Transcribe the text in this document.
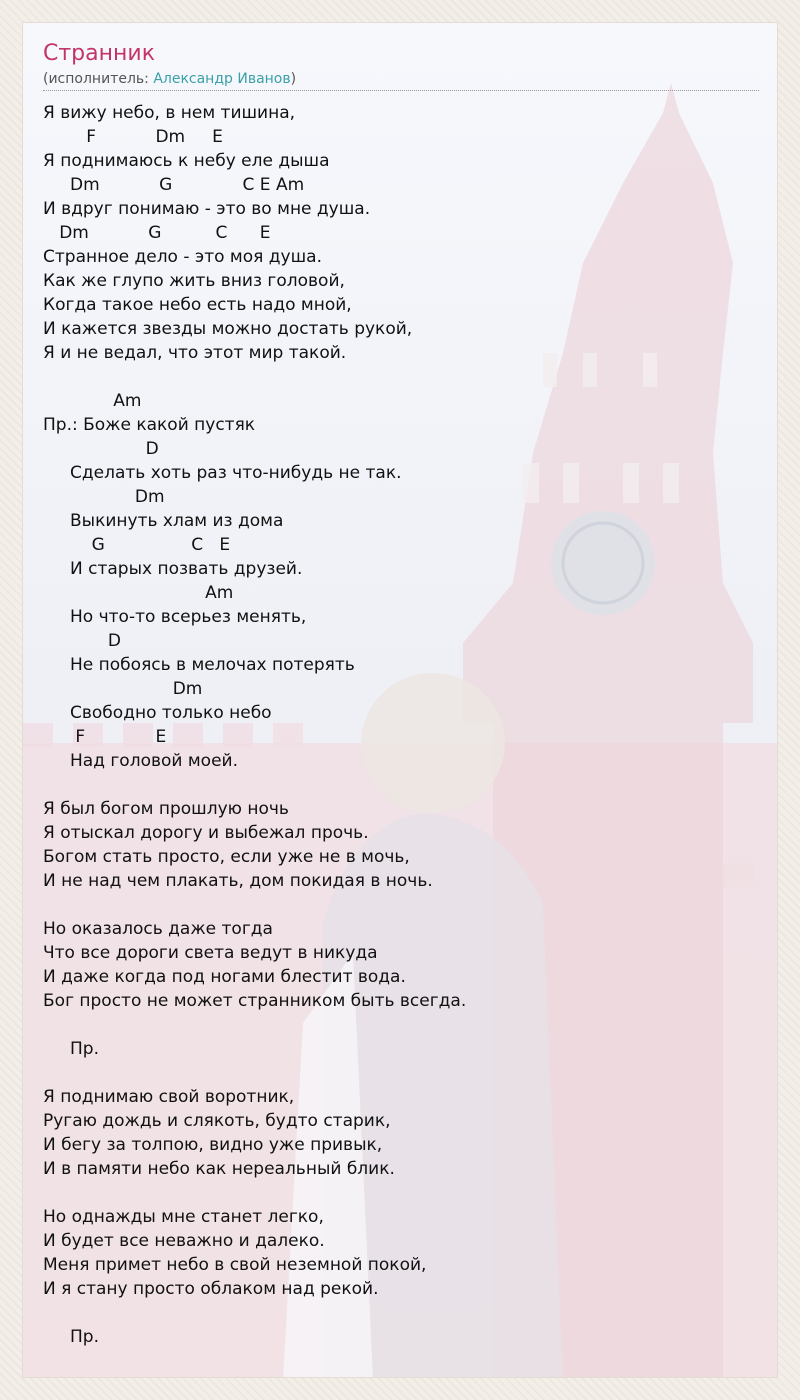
Странник
(исполнитель: Александр Иванов)
Я вижу небо, в нем тишина,
F           Dm     E
Я поднимаюсь к небу еле дыша
Dm           G             C E Am
И вдруг понимаю - это во мне душа.
Dm           G          C      E
Странное дело - это моя душа.
Как же глупо жить вниз головой,
Когда такое небо есть надо мной,
И кажется звезды можно достать рукой,
Я и не ведал, что этот мир такой.

Am
Пр.: Боже какой пустяк
D
Сделать хоть раз что-нибудь не так.
Dm
Выкинуть хлам из дома
G                C   E
И старых позвать друзей.
Am
Но что-то всерьез менять,
D
Не побоясь в мелочах потерять
Dm
Свободно только небо
F             E
Над головой моей.

Я был богом прошлую ночь
Я отыскал дорогу и выбежал прочь.
Богом стать просто, если уже не в мочь,
И не над чем плакать, дом покидая в ночь.

Но оказалось даже тогда
Что все дороги света ведут в никуда
И даже когда под ногами блестит вода.
Бог просто не может странником быть всегда.

Пр.

Я поднимаю свой воротник,
Ругаю дождь и слякоть, будто старик,
И бегу за толпою, видно уже привык,
И в памяти небо как нереальный блик.

Но однажды мне станет легко,
И будет все неважно и далеко.
Меня примет небо в свой неземной покой,
И я стану просто облаком над рекой.

Пр.
